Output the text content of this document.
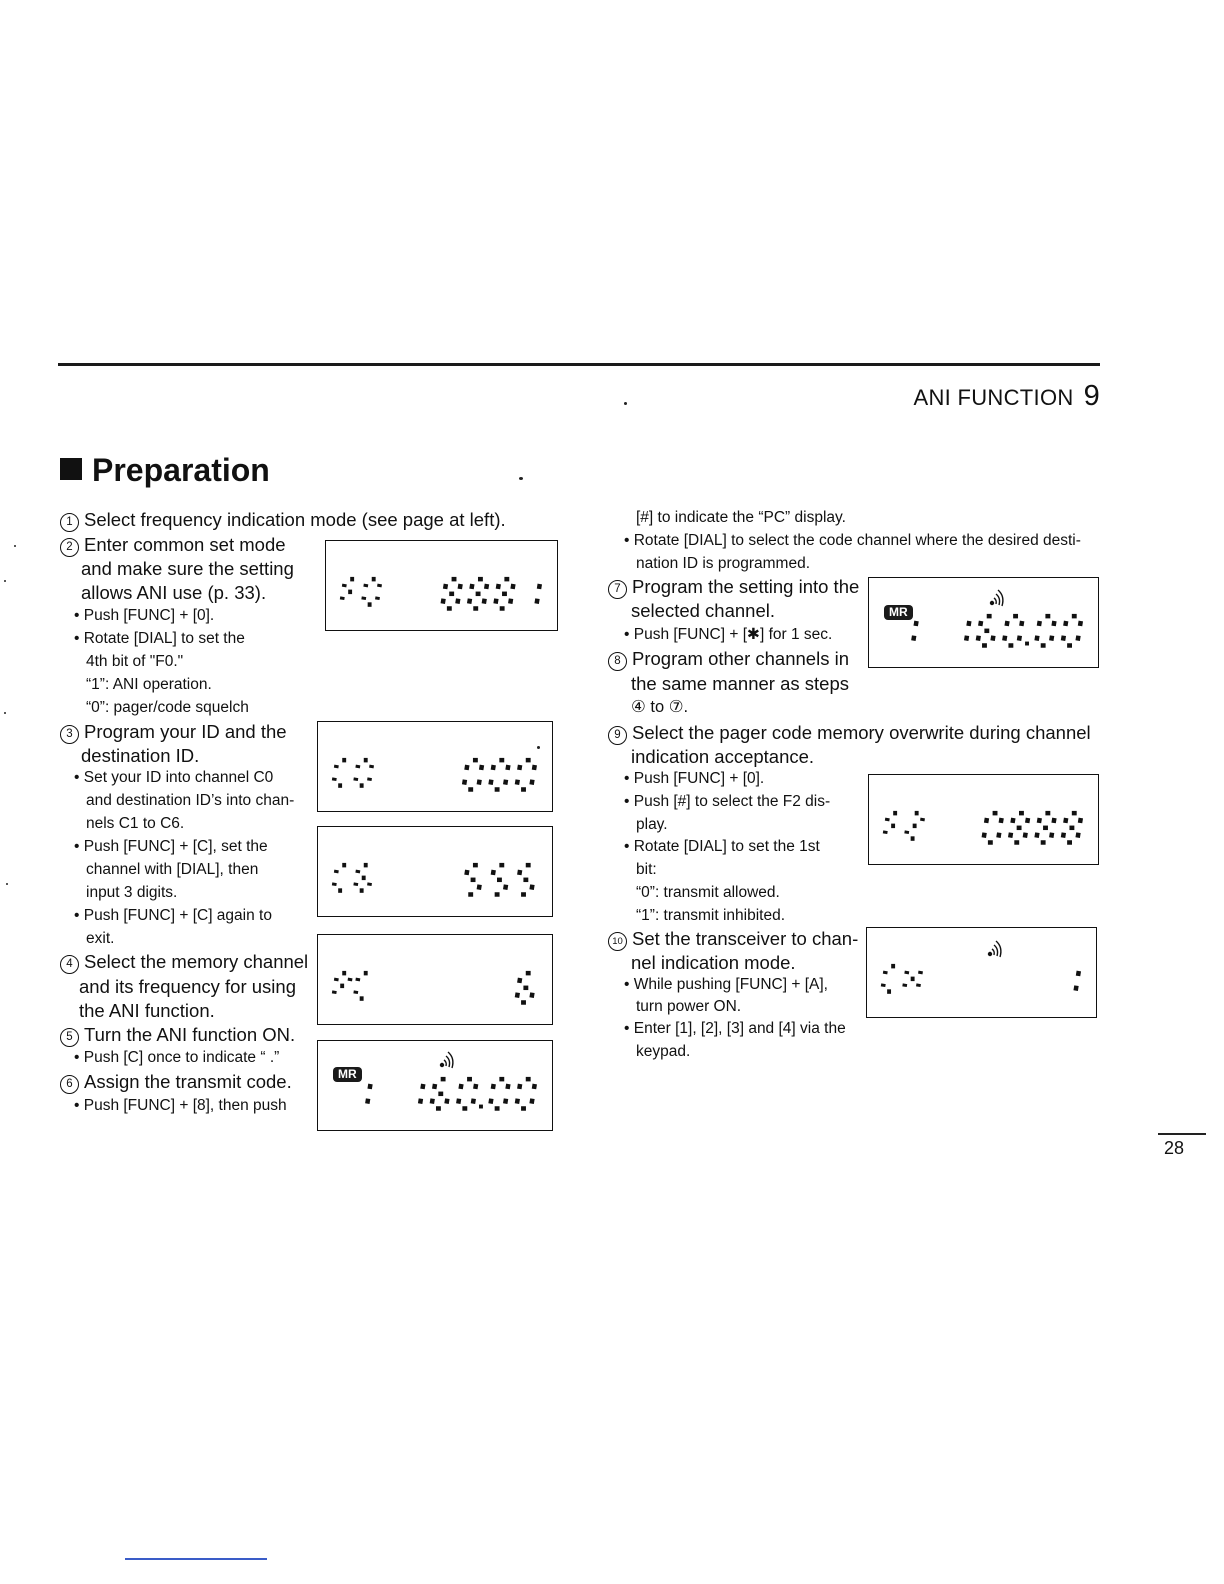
ANI FUNCTION 9
Preparation
1 Select frequency indication mode (see page at left).
2 Enter common set mode
and make sure the setting
allows ANI use (p. 33).
• Push [FUNC] + [0].
• Rotate [DIAL] to set the
4th bit of "F0."
“1”: ANI operation.
“0”: pager/code squelch
3 Program your ID and the
destination ID.
• Set your ID into channel C0
and destination ID’s into chan-
nels C1 to C6.
• Push [FUNC] + [C], set the
channel with [DIAL], then
input 3 digits.
• Push [FUNC] + [C] again to
exit.
4 Select the memory channel
and its frequency for using
the ANI function.
5 Turn the ANI function ON.
• Push [C] once to indicate “ .”
6 Assign the transmit code.
• Push [FUNC] + [8], then push
MR
[#] to indicate the “PC” display.
• Rotate [DIAL] to select the code channel where the desired desti-
nation ID is programmed.
7 Program the setting into the
selected channel.
• Push [FUNC] + [✱] for 1 sec.
8 Program other channels in
the same manner as steps
④ to ⑦.
9 Select the pager code memory overwrite during channel
indication acceptance.
• Push [FUNC] + [0].
• Push [#] to select the F2 dis-
play.
• Rotate [DIAL] to set the 1st
bit:
“0”: transmit allowed.
“1”: transmit inhibited.
10 Set the transceiver to chan-
nel indication mode.
• While pushing [FUNC] + [A],
turn power ON.
• Enter [1], [2], [3] and [4] via the
keypad.
MR
28
